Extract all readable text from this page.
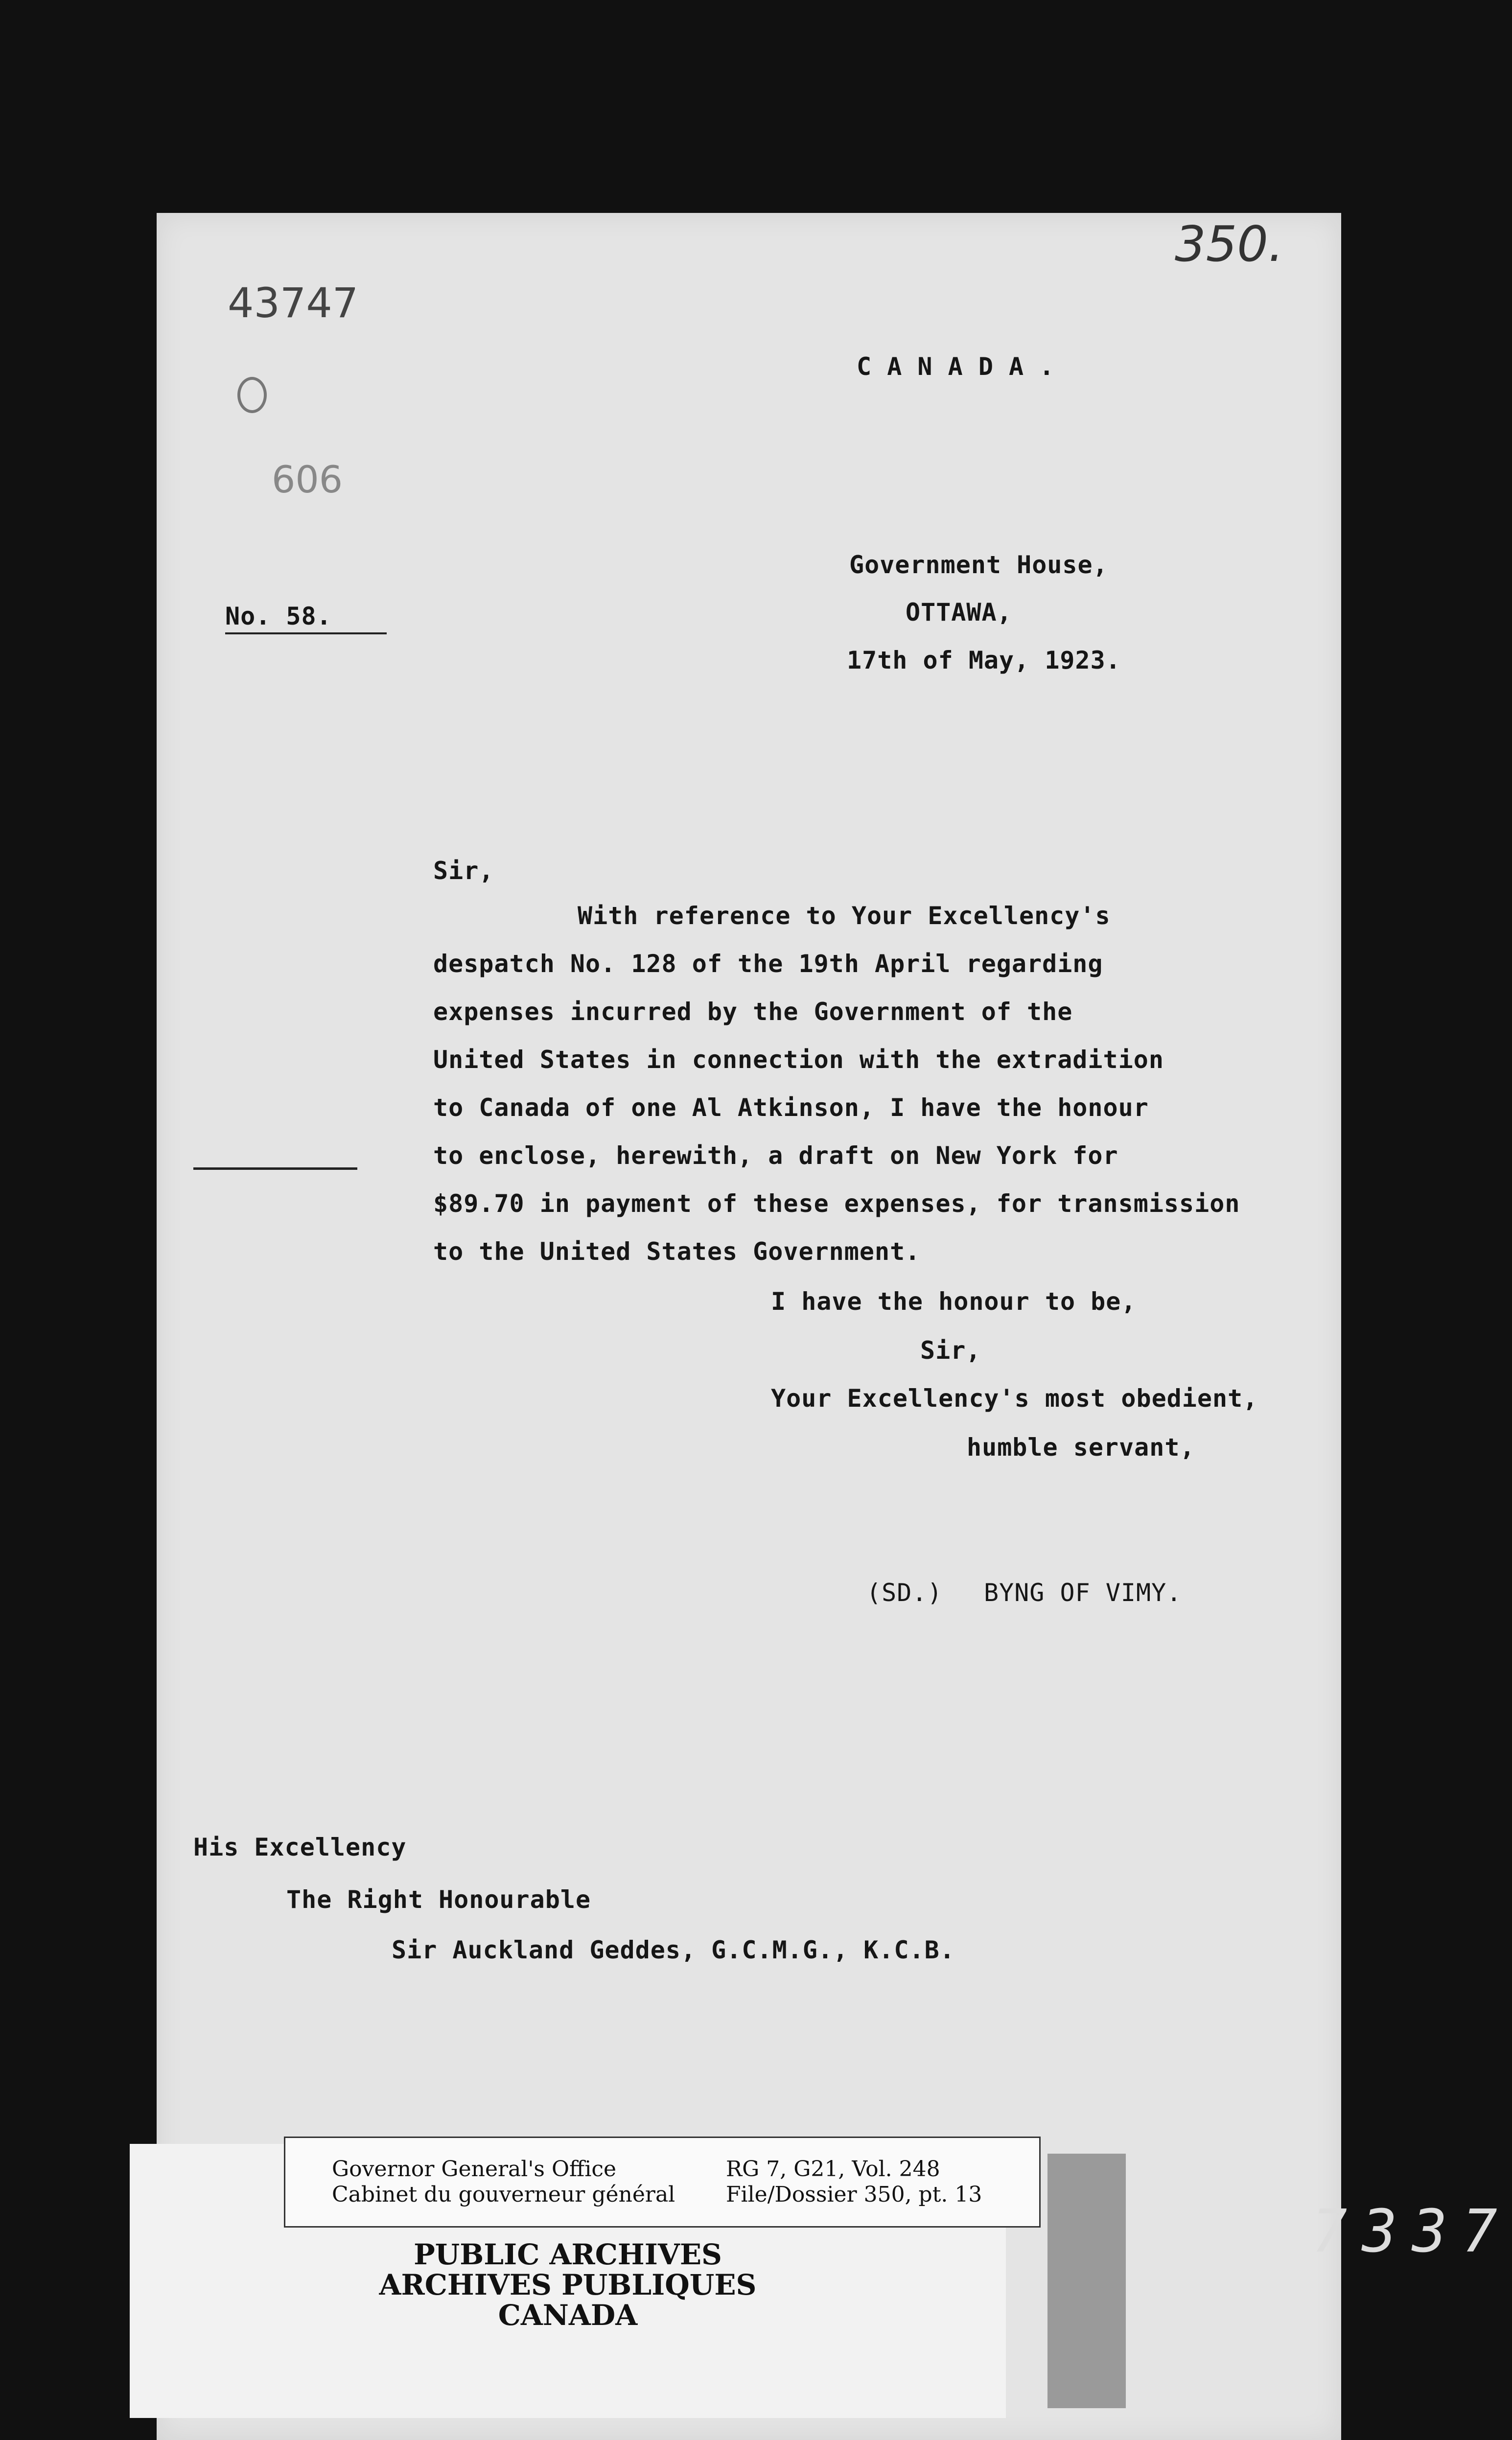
350.
43747
606
C A N A D A .
No. 58.
Government House,
OTTAWA,
17th of May, 1923.
Sir,
With reference to Your Excellency's
despatch No. 128 of the 19th April regarding
expenses incurred by the Government of the
United States in connection with the extradition
to Canada of one Al Atkinson, I have the honour
to enclose, herewith, a draft on New York for
$89.70 in payment of these expenses, for transmission
to the United States Government.
I have the honour to be,
Sir,
Your Excellency's most obedient,
humble servant,
(SD.) BYNG OF VIMY.
His Excellency
The Right Honourable
Sir Auckland Geddes, G.C.M.G., K.C.B.
PUBLIC ARCHIVES
ARCHIVES PUBLIQUES
CANADA
Governor General's Office
Cabinet du gouverneur général
RG 7, G21, Vol. 248
File/Dossier 350, pt. 13
7337
